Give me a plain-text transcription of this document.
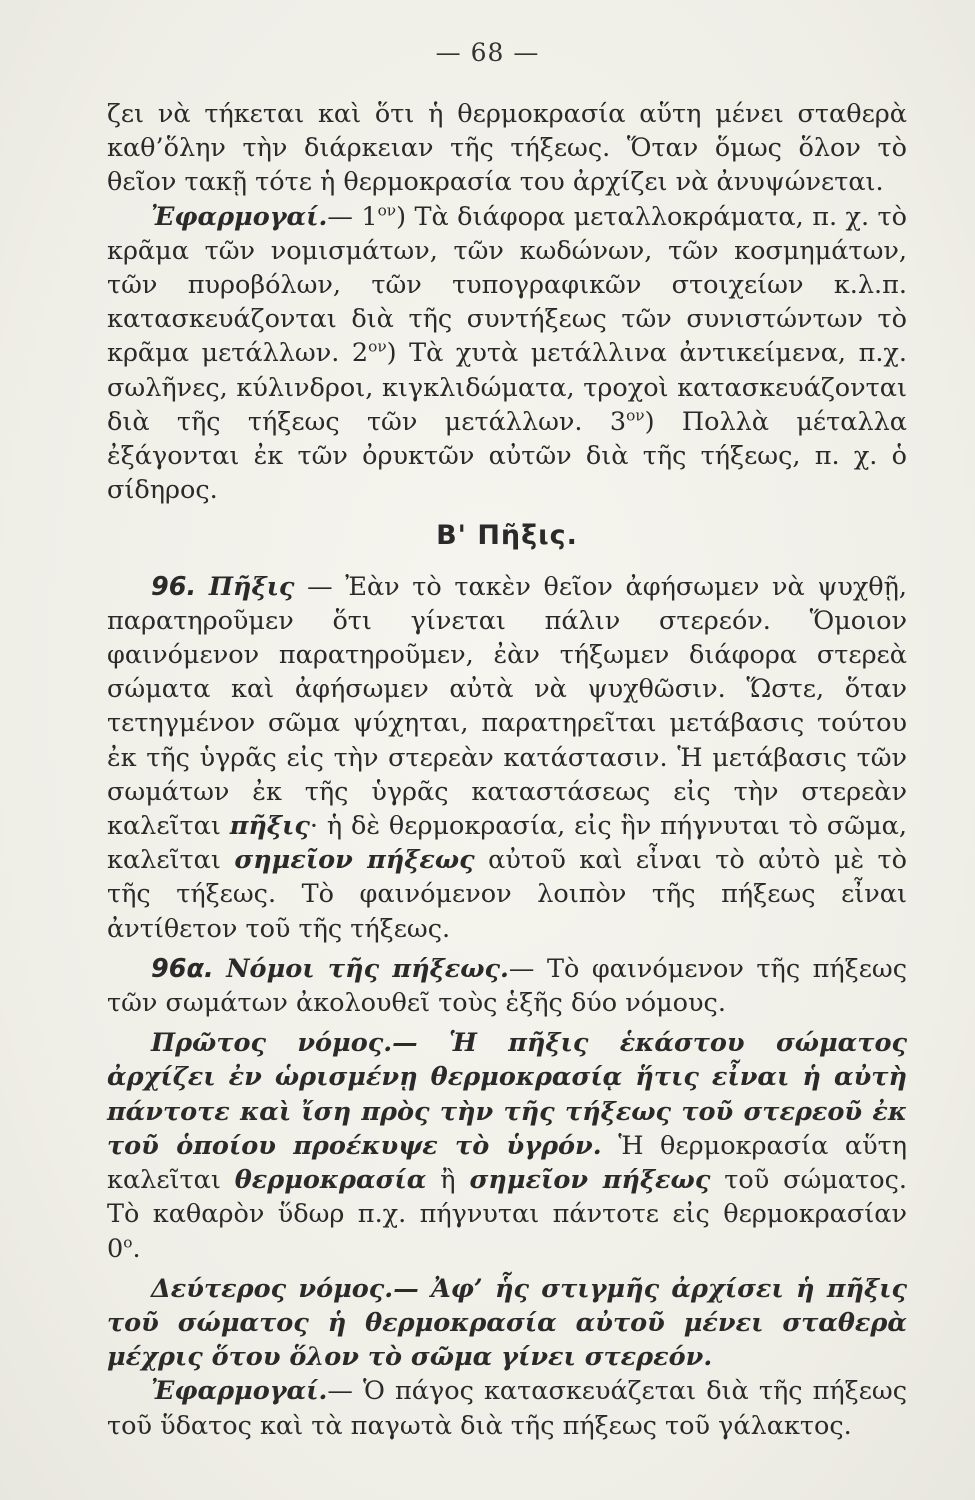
— 68 —

ζει νὰ τήκεται καὶ ὅτι ἡ θερμοκρασία αὕτη μένει σταθερὰ καθ’ὅλην τὴν διάρκειαν τῆς τήξεως. Ὅταν ὅμως ὅλον τὸ θεῖον τακῇ τότε ἡ θερμοκρασία του ἀρχίζει νὰ ἀνυψώνεται.

Ἐφαρμογαί.— $1^{o\nu}$) Τὰ διάφορα μεταλλοκράματα, π. χ. τὸ κρᾶμα τῶν νομισμάτων, τῶν κωδώνων, τῶν κοσμημάτων, τῶν πυροβόλων, τῶν τυπογραφικῶν στοιχείων κ.λ.π. κατασκευάζονται διὰ τῆς συντήξεως τῶν συνιστώντων τὸ κρᾶμα μετάλλων. $2^{o\nu}$) Τὰ χυτὰ μετάλλινα ἀντικείμενα, π.χ. σωλῆνες, κύλινδροι, κιγκλιδώματα, τροχοὶ κατασκευάζονται διὰ τῆς τήξεως τῶν μετάλλων. $3^{o\nu}$) Πολλὰ μέταλλα ἐξάγονται ἐκ τῶν ὀρυκτῶν αὐτῶν διὰ τῆς τήξεως, π. χ. ὁ σίδηρος.

Β' Πῆξις.

96. Πῆξις — Ἐὰν τὸ τακὲν θεῖον ἀφήσωμεν νὰ ψυχθῇ, παρατηροῦμεν ὅτι γίνεται πάλιν στερεόν. Ὅμοιον φαινόμενον παρατηροῦμεν, ἐὰν τήξωμεν διάφορα στερεὰ σώματα καὶ ἀφήσωμεν αὐτὰ νὰ ψυχθῶσιν. Ὥστε, ὅταν τετηγμένον σῶμα ψύχηται, παρατηρεῖται μετάβασις τούτου ἐκ τῆς ὑγρᾶς εἰς τὴν στερεὰν κατάστασιν. Ἡ μετάβασις τῶν σωμάτων ἐκ τῆς ὑγρᾶς καταστάσεως εἰς τὴν στερεὰν καλεῖται πῆξις· ἡ δὲ θερμοκρασία, εἰς ἣν πήγνυται τὸ σῶμα, καλεῖται σημεῖον πήξεως αὐτοῦ καὶ εἶναι τὸ αὐτὸ μὲ τὸ τῆς τήξεως. Τὸ φαινόμενον λοιπὸν τῆς πήξεως εἶναι ἀντίθετον τοῦ τῆς τήξεως.

96α. Νόμοι τῆς πήξεως.— Τὸ φαινόμενον τῆς πήξεως τῶν σωμάτων ἀκολουθεῖ τοὺς ἑξῆς δύο νόμους.

Πρῶτος νόμος.— Ἡ πῆξις ἑκάστου σώματος ἀρχίζει ἐν ὡρισμένῃ θερμοκρασίᾳ ἥτις εἶναι ἡ αὐτὴ πάντοτε καὶ ἴση πρὸς τὴν τῆς τήξεως τοῦ στερεοῦ ἐκ τοῦ ὁποίου προέκυψε τὸ ὑγρόν. Ἡ θερμοκρασία αὕτη καλεῖται θερμοκρασία ἢ σημεῖον πήξεως τοῦ σώματος. Τὸ καθαρὸν ὕδωρ π.χ. πήγνυται πάντοτε εἰς θερμοκρασίαν $0^o$.

Δεύτερος νόμος.— Ἀφ’ ἧς στιγμῆς ἀρχίσει ἡ πῆξις τοῦ σώματος ἡ θερμοκρασία αὐτοῦ μένει σταθερὰ μέχρις ὅτου ὅλον τὸ σῶμα γίνει στερεόν.

Ἐφαρμογαί.— Ὁ πάγος κατασκευάζεται διὰ τῆς πήξεως τοῦ ὕδατος καὶ τὰ παγωτὰ διὰ τῆς πήξεως τοῦ γάλακτος.
